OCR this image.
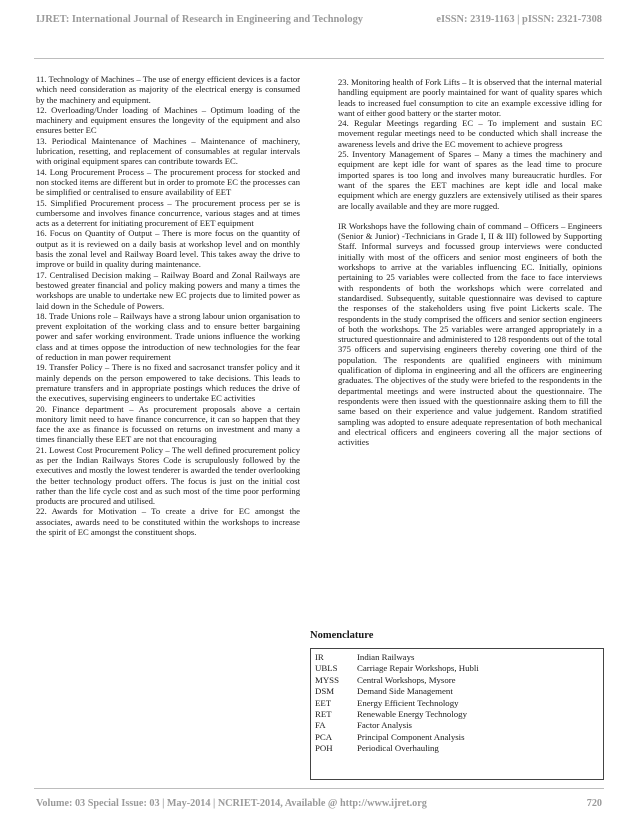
IJRET: International Journal of Research in Engineering and Technology	eISSN: 2319-1163 | pISSN: 2321-7308

11. Technology of Machines – The use of energy efficient devices is a factor which need consideration as majority of the electrical energy is consumed by the machinery and equipment.

12. Overloading/Under loading of Machines – Optimum loading of the machinery and equipment ensures the longevity of the equipment and also ensures better EC

13. Periodical Maintenance of Machines – Maintenance of machinery, lubrication, resetting, and replacement of consumables at regular intervals with original equipment spares can contribute towards EC.

14. Long Procurement Process – The procurement process for stocked and non stocked items are different but in order to promote EC the processes can be simplified or centralised to ensure availability of EET

15. Simplified Procurement process – The procurement process per se is cumbersome and involves finance concurrence, various stages and at times acts as a deterrent for initiating procurement of EET equipment

16. Focus on Quantity of Output – There is more focus on the quantity of output as it is reviewed on a daily basis at workshop level and on monthly basis the zonal level and Railway Board level. This takes away the drive to improve or build in quality during maintenance.

17. Centralised Decision making – Railway Board and Zonal Railways are bestowed greater financial and policy making powers and many a times the workshops are unable to undertake new EC projects due to limited power as laid down in the Schedule of Powers.

18. Trade Unions role – Railways have a strong labour union organisation to prevent exploitation of the working class and to ensure better bargaining power and safer working environment. Trade unions influence the working class and at times oppose the introduction of new technologies for the fear of reduction in man power requirement

19. Transfer Policy – There is no fixed and sacrosanct transfer policy and it mainly depends on the person empowered to take decisions. This leads to premature transfers and in appropriate postings which reduces the drive of the executives, supervising engineers to undertake EC activities

20. Finance department – As procurement proposals above a certain monitory limit need to have finance concurrence, it can so happen that they face the axe as finance is focussed on returns on investment and many a times financially these EET are not that encouraging

21. Lowest Cost Procurement Policy – The well defined procurement policy as per the Indian Railways Stores Code is scrupulously followed by the executives and mostly the lowest tenderer is awarded the tender overlooking the better technology product offers. The focus is just on the initial cost rather than the life cycle cost and as such most of the time poor performing products are procured and utilised.

22. Awards for Motivation – To create a drive for EC amongst the associates, awards need to be constituted within the workshops to increase the spirit of EC amongst the constituent shops.

23. Monitoring health of Fork Lifts – It is observed that the internal material handling equipment are poorly maintained for want of quality spares which leads to increased fuel consumption to cite an example excessive idling for want of either good battery or the starter motor.

24. Regular Meetings regarding EC – To implement and sustain EC movement regular meetings need to be conducted which shall increase the awareness levels and drive the EC movement to achieve progress

25. Inventory Management of Spares – Many a times the machinery and equipment are kept idle for want of spares as the lead time to procure imported spares is too long and involves many bureaucratic hurdles. For want of the spares the EET machines are kept idle and local make equipment which are energy guzzlers are extensively utilised as their spares are locally available and they are more rugged.

IR Workshops have the following chain of command – Officers – Engineers (Senior & Junior) -Technicians in Grade I, II & III) followed by Supporting Staff. Informal surveys and focussed group interviews were conducted initially with most of the officers and senior most engineers of both the workshops to arrive at the variables influencing EC. Initially, opinions pertaining to 25 variables were collected from the face to face interviews with respondents of both the workshops which were correlated and standardised. Subsequently, suitable questionnaire was devised to capture the responses of the stakeholders using five point Lickerts scale. The respondents in the study comprised the officers and senior section engineers of both the workshops. The 25 variables were arranged appropriately in a structured questionnaire and administered to 128 respondents out of the total 375 officers and supervising engineers thereby covering one third of the population. The respondents are qualified engineers with minimum qualification of diploma in engineering and all the officers are engineering graduates. The objectives of the study were briefed to the respondents in the departmental meetings and were instructed about the questionnaire. The respondents were then issued with the questionnaire asking them to fill the same based on their experience and value judgement. Random stratified sampling was adopted to ensure adequate representation of both mechanical and electrical officers and engineers covering all the major sections of activities

Nomenclature
IR	Indian Railways
UBLS	Carriage Repair Workshops, Hubli
MYSS	Central Workshops, Mysore
DSM	Demand Side Management
EET	Energy Efficient Technology
RET	Renewable Energy Technology
FA	Factor Analysis
PCA	Principal Component Analysis
POH	Periodical Overhauling
Volume: 03 Special Issue: 03 | May-2014 | NCRIET-2014, Available @ http://www.ijret.org	720
